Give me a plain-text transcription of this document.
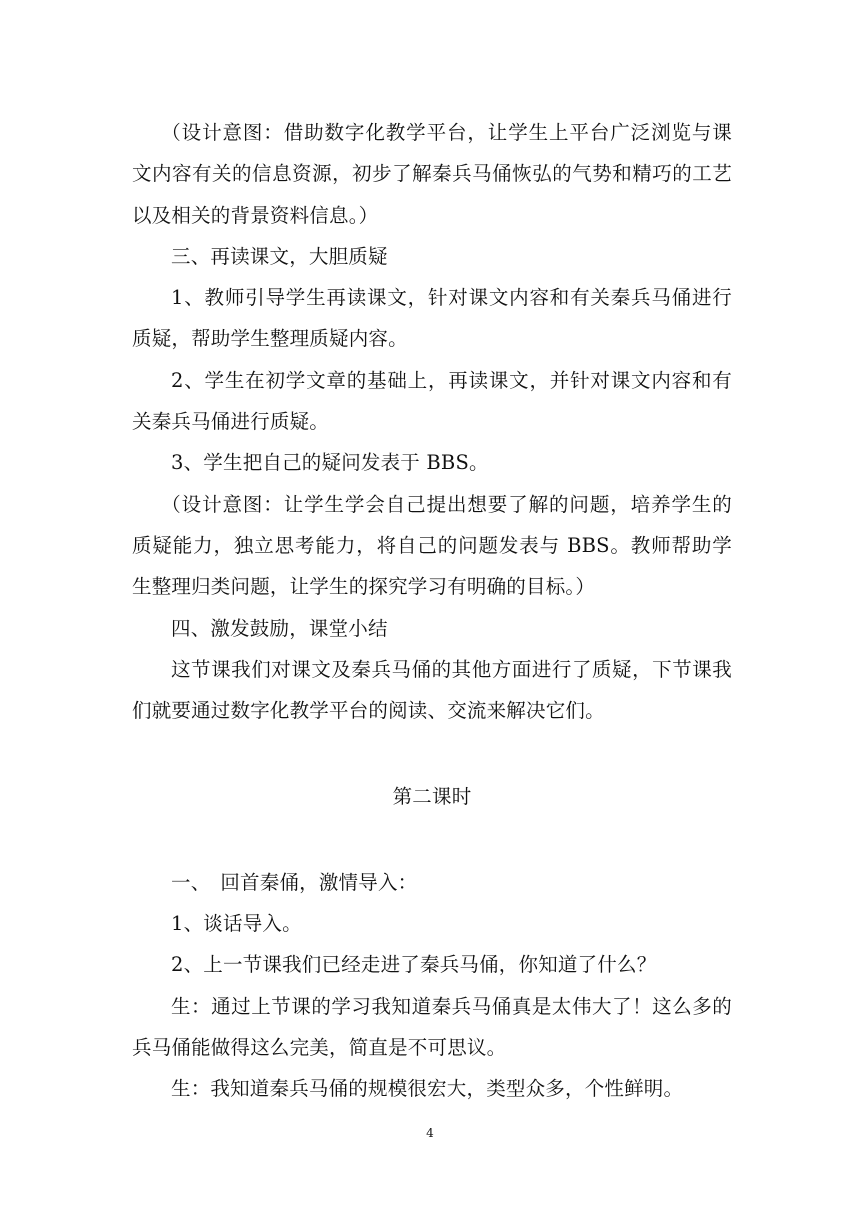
（设计意图：借助数字化教学平台，让学生上平台广泛浏览与课文内容有关的信息资源，初步了解秦兵马俑恢弘的气势和精巧的工艺以及相关的背景资料信息。）

三、再读课文，大胆质疑

1、教师引导学生再读课文，针对课文内容和有关秦兵马俑进行质疑，帮助学生整理质疑内容。

2、学生在初学文章的基础上，再读课文，并针对课文内容和有关秦兵马俑进行质疑。

3、学生把自己的疑问发表于 BBS。

（设计意图：让学生学会自己提出想要了解的问题，培养学生的质疑能力，独立思考能力，将自己的问题发表与 BBS。教师帮助学生整理归类问题，让学生的探究学习有明确的目标。）

四、激发鼓励，课堂小结

这节课我们对课文及秦兵马俑的其他方面进行了质疑，下节课我们就要通过数字化教学平台的阅读、交流来解决它们。

第二课时

一、　回首秦俑，激情导入：

1、谈话导入。

2、上一节课我们已经走进了秦兵马俑，你知道了什么？

生：通过上节课的学习我知道秦兵马俑真是太伟大了！这么多的兵马俑能做得这么完美，简直是不可思议。

生：我知道秦兵马俑的规模很宏大，类型众多，个性鲜明。

4
